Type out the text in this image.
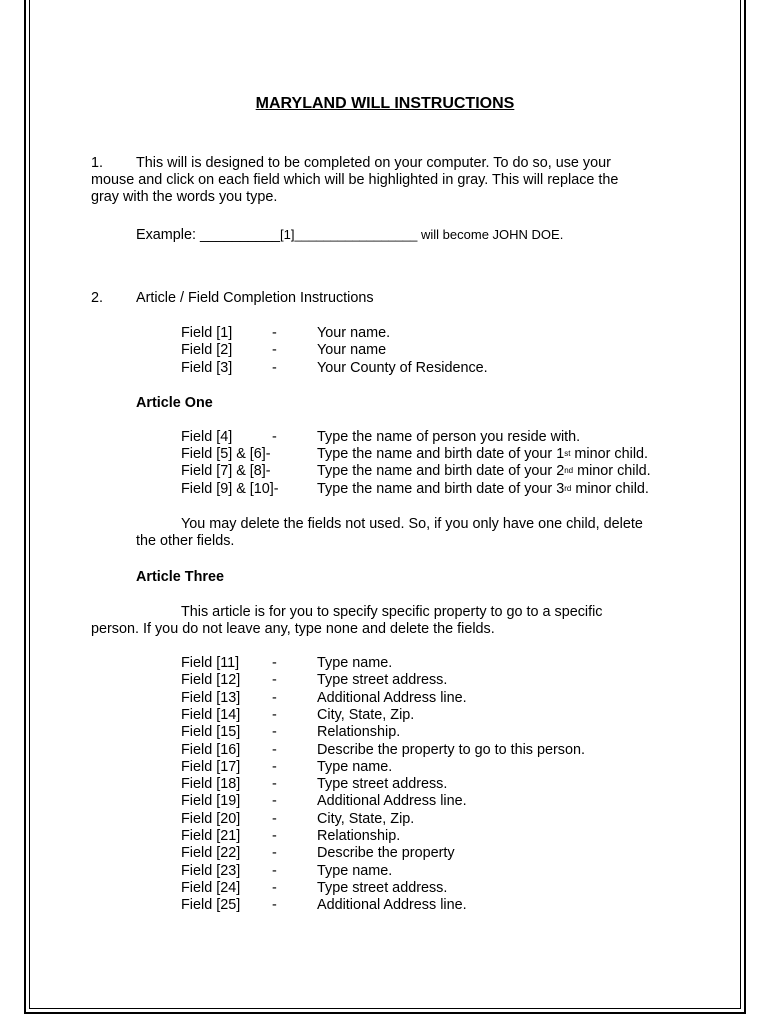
MARYLAND WILL INSTRUCTIONS
1. This will is designed to be completed on your computer. To do so, use your
mouse and click on each field which will be highlighted in gray. This will replace the
gray with the words you type.
Example: __________[1]_________________ will become JOHN DOE.
2. Article / Field Completion Instructions
Field [1]	-	Your name.
Field [2]	-	Your name
Field [3]	-	Your County of Residence.
Article One
Field [4]	-	Type the name of person you reside with.
Field [5] & [6]-	Type the name and birth date of your 1st minor child.
Field [7] & [8]-	Type the name and birth date of your 2nd minor child.
Field [9] & [10]-	Type the name and birth date of your 3rd minor child.
You may delete the fields not used. So, if you only have one child, delete
the other fields.
Article Three
This article is for you to specify specific property to go to a specific
person. If you do not leave any, type none and delete the fields.
Field [11] -	Type name.
Field [12] -	Type street address.
Field [13] -	Additional Address line.
Field [14] -	City, State, Zip.
Field [15] -	Relationship.
Field [16] -	Describe the property to go to this person.
Field [17] -	Type name.
Field [18] -	Type street address.
Field [19] -	Additional Address line.
Field [20] -	City, State, Zip.
Field [21] -	Relationship.
Field [22] -	Describe the property
Field [23] -	Type name.
Field [24] -	Type street address.
Field [25] -	Additional Address line.
